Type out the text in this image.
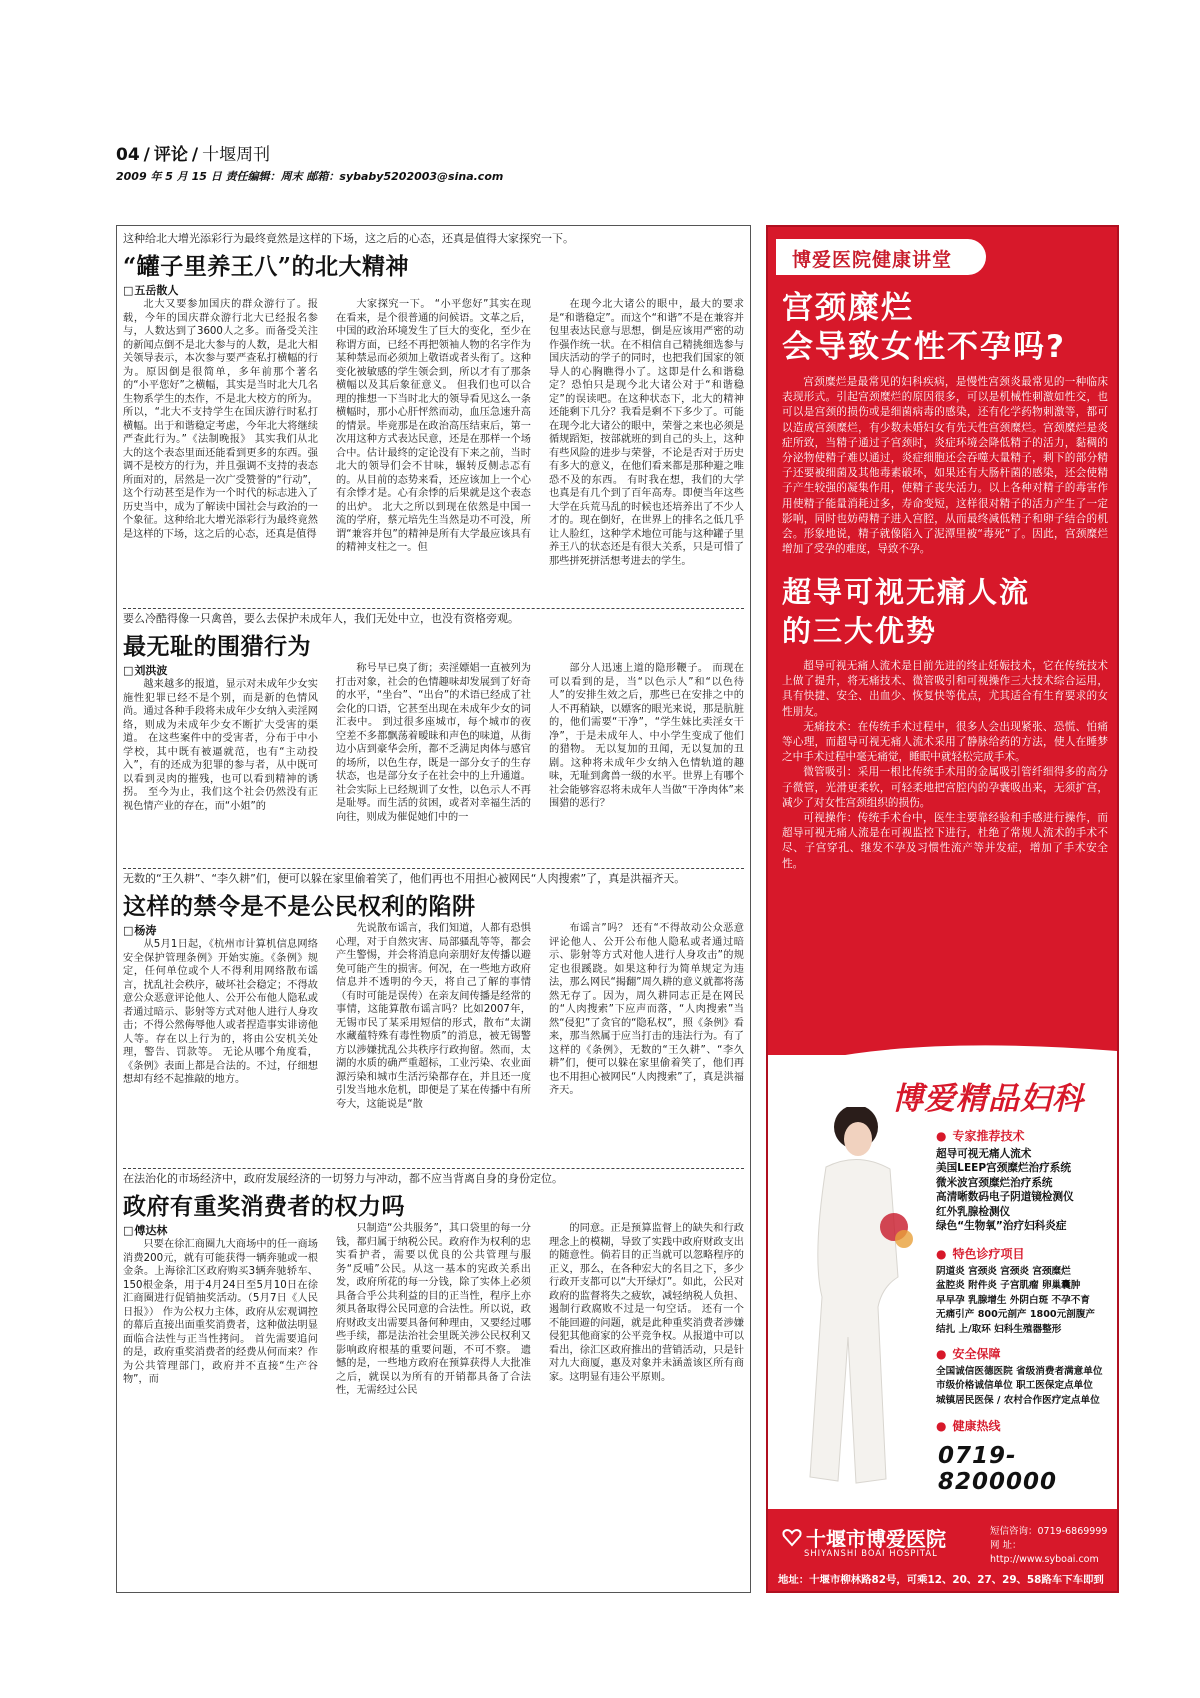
04 / 评论 / 十堰周刊
2009 年 5 月 15 日 责任编辑：周末 邮箱：sybaby5202003@sina.com

这种给北大增光添彩行为最终竟然是这样的下场，这之后的心态，还真是值得大家探究一下。

“罐子里养王八”的北大精神
□ 五岳散人

北大又要参加国庆的群众游行了。报载，今年的国庆群众游行北大已经报名参与，人数达到了3600人之多。而备受关注的新闻点倒不是北大参与的人数，是北大相关领导表示，本次参与要严查私打横幅的行为。原因倒是很简单，多年前那个著名的“小平您好”之横幅，其实是当时北大几名生物系学生的杰作，不是北大校方的所为。所以，“北大不支持学生在国庆游行时私打横幅。出于和谐稳定考虑，今年北大将继续严查此行为。”《法制晚报》 其实我们从北大的这个表态里面还能看到更多的东西。强调不是校方的行为，并且强调不支持的表态所面对的，居然是一次广受赞誉的“行动”，这个行动甚至是作为一个时代的标志进入了历史当中，成为了解读中国社会与政治的一个象征。这种给北大增光添彩行为最终竟然是这样的下场，这之后的心态，还真是值得

大家探究一下。 “小平您好”其实在现在看来，是个很普通的问候语。文革之后，中国的政治环境发生了巨大的变化，至少在称谓方面，已经不再把领袖人物的名字作为某种禁忌而必须加上敬语或者头衔了。这种变化被敏感的学生领会到，所以才有了那条横幅以及其后象征意义。 但我们也可以合理的推想一下当时北大的领导看见这么一条横幅时，那小心肝怦然而动，血压急速升高的情景。毕竟那是在政治高压结束后，第一次用这种方式表达民意，还是在那样一个场合中。估计最终的定论没有下来之前，当时北大的领导们会不甘味，辗转反侧忐忑有的。从目前的态势来看，还应该加上一个心有余悸才是。心有余悸的后果就是这个表态的出炉。 北大之所以到现在依然是中国一流的学府，蔡元培先生当然是功不可没，所谓“兼容并包”的精神是所有大学最应该具有的精神支柱之一。但

在现今北大诸公的眼中，最大的要求是“和谐稳定”。而这个“和谐”不是在兼容并包里表达民意与思想，倒是应该用严密的动作强作统一状。在不相信自己精挑细选参与国庆活动的学子的同时，也把我们国家的领导人的心胸瞧得小了。这即是什么和谐稳定？恐怕只是现今北大诸公对于“和谐稳定”的误读吧。在这种状态下，北大的精神还能剩下几分？我看是剩不下多少了。可能在现今北大诸公的眼中，荣誉之来也必须是循规蹈矩，按部就班的到自己的头上，这种有些风险的进步与荣誉，不论是否对于历史有多大的意义，在他们看来都是那种避之唯恐不及的东西。 有时我在想，我们的大学也真是有几个到了百年高寿。即便当年这些大学在兵荒马乱的时候也还培养出了不少人才的。现在倒好，在世界上的排名之低几乎让人脸红，这种学术地位可能与这种罐子里养王八的状态还是有很大关系，只是可惜了那些拼死拼活想考进去的学生。

要么冷酷得像一只禽兽，要么去保护未成年人，我们无处中立，也没有资格旁观。

最无耻的围猎行为
□ 刘洪波

越来越多的报道，显示对未成年少女实施性犯罪已经不是个别，而是新的色情风尚。通过各种手段将未成年少女纳入卖淫网络，则成为未成年少女不断扩大受害的渠道。 在这些案件中的受害者，分布于中小学校，其中既有被逼就范，也有“主动投入”，有的还成为犯罪的参与者，从中既可以看到灵肉的摧残，也可以看到精神的诱拐。 至今为止，我们这个社会仍然没有正视色情产业的存在，而“小姐”的

称号早已臭了街；卖淫嫖娼一直被列为打击对象，社会的色情趣味却发展到了好奇的水平，“坐台”、“出台”的术语已经成了社会化的口语，它甚至出现在未成年少女的词汇表中。 到过很多座城市，每个城市的夜空差不多都飘荡着暧昧和声色的味道，从街边小店到豪华会所，都不乏满足肉体与感官的场所，以色生存，既是一部分女子的生存状态，也是部分女子在社会中的上升通道。社会实际上已经规训了女性，以色示人不再是耻辱。而生活的贫困，或者对幸福生活的向往，则成为催促她们中的一

部分人迅速上道的隐形鞭子。 而现在可以看到的是，当“以色示人”和“以色待人”的安排生效之后，那些已在安排之中的人不再稍缺，以嫖客的眼光来说，那是肮脏的，他们需要“干净”，“学生妹比卖淫女干净”，于是未成年人、中小学生变成了他们的猎物。 无以复加的丑闻，无以复加的丑剧。这种将未成年少女纳入色情轨道的趣味，无耻到禽兽一级的水平。世界上有哪个社会能够容忍将未成年人当做“干净肉体”来围猎的恶行？

无数的“王久耕”、“李久耕”们，便可以躲在家里偷着笑了，他们再也不用担心被网民“人肉搜索”了，真是洪福齐天。

这样的禁令是不是公民权利的陷阱
□ 杨涛

从5月1日起，《杭州市计算机信息网络安全保护管理条例》开始实施。《条例》规定，任何单位或个人不得利用网络散布谣言，扰乱社会秩序，破坏社会稳定；不得故意公众恶意评论他人、公开公布他人隐私或者通过暗示、影射等方式对他人进行人身攻击；不得公然侮辱他人或者捏造事实诽谤他人等。存在以上行为的，将由公安机关处理，警告、罚款等。 无论从哪个角度看，《条例》表面上都是合法的。不过，仔细想想却有经不起推敲的地方。

先说散布谣言，我们知道，人都有恐惧心理，对于自然灾害、局部骚乱等等，都会产生警惕，并会将消息向亲朋好友传播以避免可能产生的损害。何况，在一些地方政府信息并不透明的今天，将自己了解的事情（有时可能是误传）在亲友间传播是经常的事情，这能算散布谣言吗？比如2007年，无锡市民了某采用短信的形式，散布“太湖水藏蕴特殊有毒性物质”的消息，被无锡警方以涉嫌扰乱公共秩序行政拘留。然而，太湖的水质的确严重超标，工业污染、农业面源污染和城市生活污染都存在，并且还一度引发当地水危机，即便是了某在传播中有所夸大，这能说是“散

布谣言”吗？ 还有“不得故动公众恶意评论他人、公开公布他人隐私或者通过暗示、影射等方式对他人进行人身攻击”的规定也很蹊跷。如果这种行为简单规定为违法，那么网民“揭翻”周久耕的意义就都将荡然无存了。因为，周久耕同志正是在网民的“人肉搜索”下应声而落，“人肉搜索”当然“侵犯”了贪官的“隐私权”，照《条例》看来，那当然属于应当打击的违法行为。有了这样的《条例》，无数的“王久耕”、“李久耕”们，便可以躲在家里偷着笑了，他们再也不用担心被网民“人肉搜索”了，真是洪福齐天。

在法治化的市场经济中，政府发展经济的一切努力与冲动，都不应当背离自身的身份定位。

政府有重奖消费者的权力吗
□ 傅达林

只要在徐汇商圈九大商场中的任一商场消费200元，就有可能获得一辆奔驰或一根金条。上海徐汇区政府购买3辆奔驰轿车、150根金条，用于4月24日至5月10日在徐汇商圈进行促销抽奖活动。（5月7日《人民日报》） 作为公权力主体，政府从宏观调控的幕后直接出面重奖消费者，这种做法明显面临合法性与正当性拷问。 首先需要追问的是，政府重奖消费者的经费从何而来？作为公共管理部门，政府并不直接“生产谷物”，而

只制造“公共服务”，其口袋里的每一分钱，都归属于纳税公民。政府作为权利的忠实看护者，需要以优良的公共管理与服务“反哺”公民。从这一基本的宪政关系出发，政府所花的每一分钱，除了实体上必须具备合乎公共利益的目的正当性，程序上亦须具备取得公民同意的合法性。所以说，政府财政支出需要具备何种理由，又要经过哪些手续，都是法治社会里既关涉公民权利又影响政府根基的重要问题，不可不察。 遗憾的是，一些地方政府在预算获得人大批准之后，就误以为所有的开销都具备了合法性，无需经过公民

的同意。正是预算监督上的缺失和行政理念上的模糊，导致了实践中政府财政支出的随意性。倘若目的正当就可以忽略程序的正义，那么，在各种宏大的名目之下，多少行政开支都可以“大开绿灯”。如此，公民对政府的监督将失之疲软，减轻纳税人负担、遏制行政腐败不过是一句空话。 还有一个不能回避的问题，就是此种重奖消费者涉嫌侵犯其他商家的公平竞争权。从报道中可以看出，徐汇区政府推出的营销活动，只是针对九大商厦，惠及对象并未涵盖该区所有商家。这明显有违公平原则。

博爱医院健康讲堂
宫颈糜烂
会导致女性不孕吗?

宫颈糜烂是最常见的妇科疾病，是慢性宫颈炎最常见的一种临床表现形式。引起宫颈糜烂的原因很多，可以是机械性刺激如性交，也可以是宫颈的损伤或是细菌病毒的感染，还有化学药物刺激等，都可以造成宫颈糜烂，有少数未婚妇女有先天性宫颈糜烂。宫颈糜烂是炎症所致，当精子通过子宫颈时，炎症环境会降低精子的活力，黏稠的分泌物使精子难以通过，炎症细胞还会吞噬大量精子，剩下的部分精子还要被细菌及其他毒素破坏，如果还有大肠杆菌的感染，还会使精子产生较强的凝集作用，使精子丧失活力。以上各种对精子的毒害作用使精子能量消耗过多，寿命变短，这样很对精子的活力产生了一定影响，同时也妨碍精子进入宫腔，从而最终减低精子和卵子结合的机会。形象地说，精子就像陷入了泥潭里被“毒死”了。因此，宫颈糜烂增加了受孕的难度，导致不孕。

超导可视无痛人流
的三大优势

超导可视无痛人流术是目前先进的终止妊娠技术，它在传统技术上做了提升，将无痛技术、微管吸引和可视操作三大技术综合运用，具有快捷、安全、出血少、恢复快等优点，尤其适合有生育要求的女性朋友。

无痛技术：在传统手术过程中，很多人会出现紧张、恐慌、怕痛等心理，而超导可视无痛人流术采用了静脉给药的方法，使人在睡梦之中手术过程中毫无痛觉，睡眠中就轻松完成手术。

微管吸引：采用一根比传统手术用的金属吸引管纤细得多的高分子微管，光滑更柔软，可轻柔地把宫腔内的孕囊吸出来，无须扩宫，减少了对女性宫颈组织的损伤。

可视操作：传统手术台中，医生主要靠经验和手感进行操作，而超导可视无痛人流是在可视监控下进行，杜绝了常规人流术的手术不尽、子宫穿孔、继发不孕及习惯性流产等并发症，增加了手术安全性。

博爱精品妇科
● 专家推荐技术
超导可视无痛人流术
美国LEEP宫颈糜烂治疗系统
微米波宫颈糜烂治疗系统
高清晰数码电子阴道镜检测仪
红外乳腺检测仪
绿色“生物氧”治疗妇科炎症
● 特色诊疗项目
阴道炎 宫颈炎 宫颈炎 宫颈糜烂
盆腔炎 附件炎 子宫肌瘤 卵巢囊肿
早早孕 乳腺增生 外阴白斑 不孕不育
无痛引产 800元剖产 1800元剖腹产
结扎 上/取环 妇科生殖器整形
● 安全保障
全国诚信医德医院 省级消费者满意单位
市级价格诚信单位 职工医保定点单位
城镇居民医保 / 农村合作医疗定点单位
● 健康热线
0719-8200000
十堰市博爱医院
SHIYANSHI BOAI HOSPITAL
短信咨询：0719-6869999
网 址：http://www.syboai.com
地址：十堰市柳林路82号，可乘12、20、27、29、58路车下车即到
